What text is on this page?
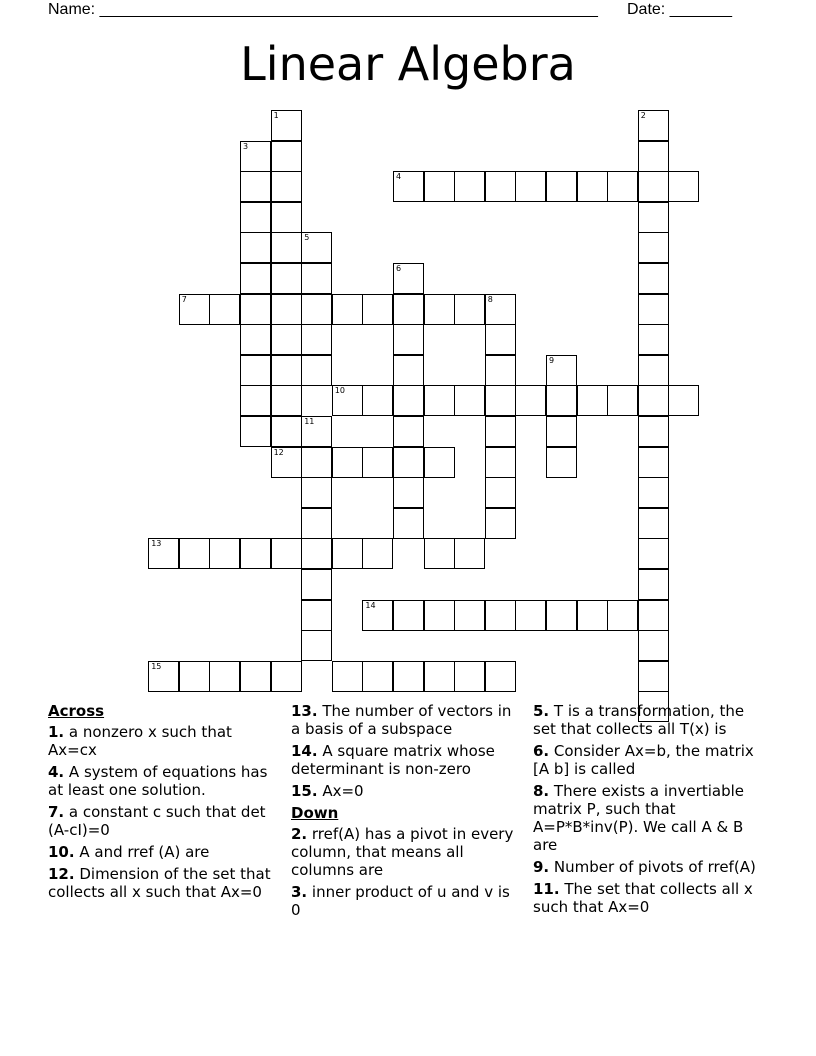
Name: ________________________________________________________ Date: _______
Linear Algebra
1	2
3
4
5
6
7	8
9
10
11
12
13
14
15
Across
1. a nonzero x such that Ax=cx
4. A system of equations has at least one solution.
7. a constant c such that det (A-cI)=0
10. A and rref (A) are
12. Dimension of the set that collects all x such that Ax=0
13. The number of vectors in a basis of a subspace
14. A square matrix whose determinant is non-zero
15. Ax=0
Down
2. rref(A) has a pivot in every column, that means all columns are
3. inner product of u and v is 0
5. T is a transformation, the set that collects all T(x) is
6. Consider Ax=b, the matrix [A b] is called
8. There exists a invertiable matrix P, such that A=P*B*inv(P). We call A & B are
9. Number of pivots of rref(A)
11. The set that collects all x such that Ax=0
